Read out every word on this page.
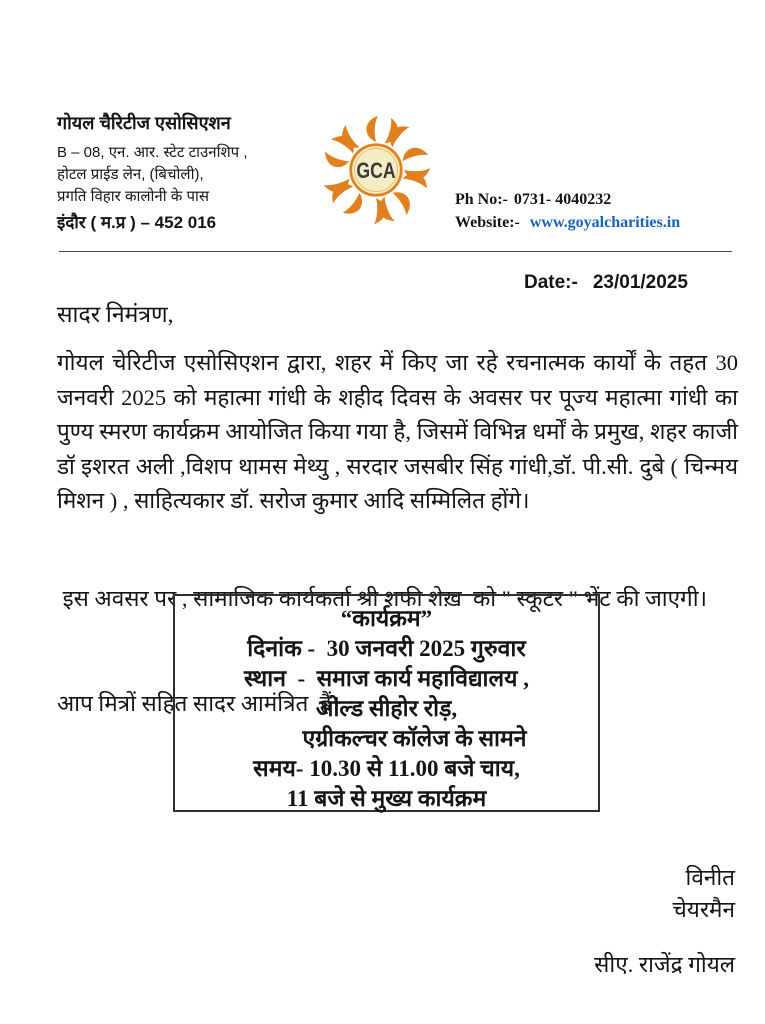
गोयल चैरिटीज एसोसिएशन
B – 08, एन. आर. स्टेट टाउनशिप ,
होटल प्राईड लेन, (बिचोली),
प्रगति विहार कालोनी के पास
इंदौर ( म.प्र ) – 452 016
GCA
Ph No:- 0731- 4040232
Website:- www.goyalcharities.in
Date:- 23/01/2025
सादर निमंत्रण,
गोयल चेरिटीज एसोसिएशन द्वारा, शहर में किए जा रहे रचनात्मक कार्यों के तहत 30
जनवरी 2025 को महात्मा गांधी के शहीद दिवस के अवसर पर पूज्य महात्मा गांधी का
पुण्य स्मरण कार्यक्रम आयोजित किया गया है, जिसमें विभिन्न धर्मों के प्रमुख, शहर काजी
डॉ इशरत अली ,विशप थामस मेथ्यु , सरदार जसबीर सिंह गांधी,डॉ. पी.सी. दुबे ( चिन्मय
मिशन ) , साहित्यकार डॉ. सरोज कुमार आदि सम्मिलित होंगे।

इस अवसर पर , सामाजिक कार्यकर्ता श्री शफी शेख़  को " स्कूटर " भेंट की जाएगी।

आप मित्रों सहित सादर आमंत्रित  हैं।

“कार्यक्रम”
दिनांक -  30 जनवरी 2025 गुरुवार
स्थान  -  समाज कार्य महाविद्यालय ,
ओल्ड सीहोर रोड़,
एग्रीकल्चर कॉलेज के सामने
समय- 10.30 से 11.00 बजे चाय,
11 बजे से मुख्य कार्यक्रम
विनीत
चेयरमैन
सीए. राजेंद्र गोयल
